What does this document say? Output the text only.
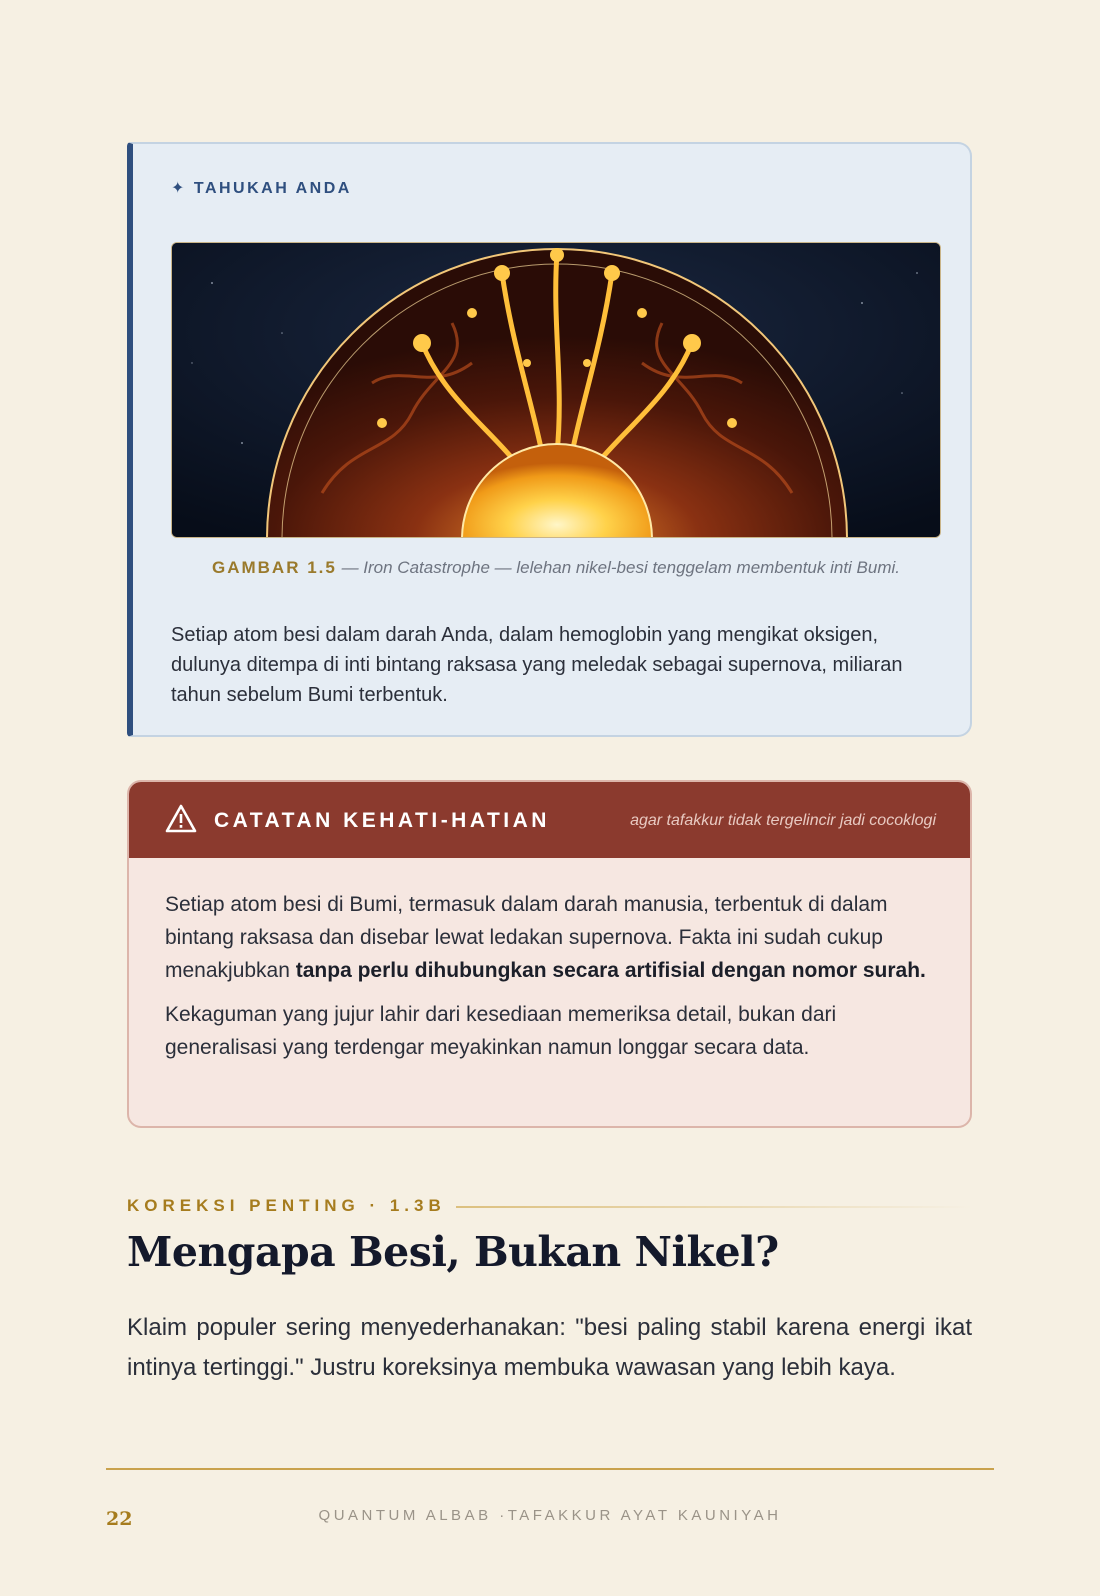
✦ TAHUKAH ANDA
GAMBAR 1.5 — Iron Catastrophe — lelehan nikel-besi tenggelam membentuk inti Bumi.
Setiap atom besi dalam darah Anda, dalam hemoglobin yang mengikat oksigen, dulunya ditempa di inti bintang raksasa yang meledak sebagai supernova, miliaran tahun sebelum Bumi terbentuk.
CATATAN KEHATI-HATIAN	agar tafakkur tidak tergelincir jadi cocoklogi

Setiap atom besi di Bumi, termasuk dalam darah manusia, terbentuk di dalam bintang raksasa dan disebar lewat ledakan supernova. Fakta ini sudah cukup menakjubkan tanpa perlu dihubungkan secara artifisial dengan nomor surah.

Kekaguman yang jujur lahir dari kesediaan memeriksa detail, bukan dari generalisasi yang terdengar meyakinkan namun longgar secara data.

KOREKSI PENTING · 1.3B
Mengapa Besi, Bukan Nikel?

Klaim populer sering menyederhanakan: "besi paling stabil karena energi ikat intinya tertinggi." Justru koreksinya membuka wawasan yang lebih kaya.

22	QUANTUM ALBAB ·TAFAKKUR AYAT KAUNIYAH
